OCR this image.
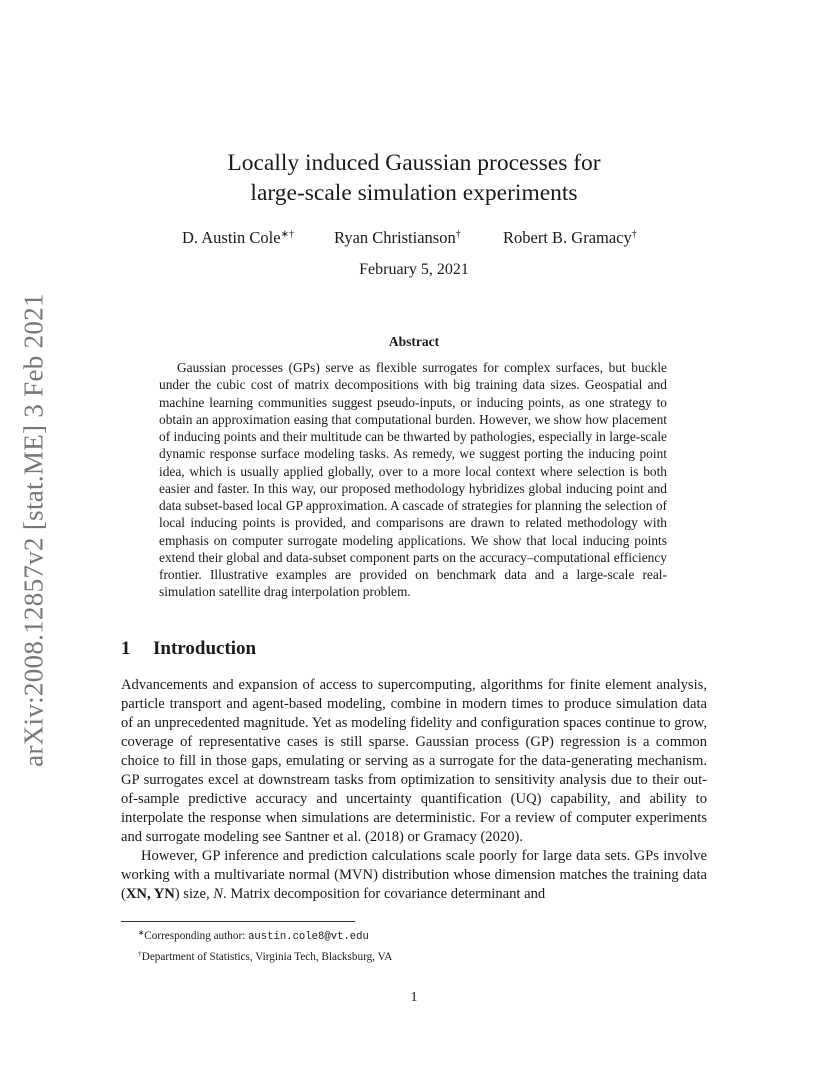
arXiv:2008.12857v2 [stat.ME] 3 Feb 2021
Locally induced Gaussian processes for
large-scale simulation experiments
D. Austin Cole∗† Ryan Christianson†	Robert B. Gramacy†
February 5, 2021
Abstract
Gaussian processes (GPs) serve as flexible surrogates for complex surfaces, but buckle under the cubic cost of matrix decompositions with big training data sizes. Geospatial and machine learning communities suggest pseudo-inputs, or inducing points, as one strategy to obtain an approximation easing that computational burden. However, we show how placement of inducing points and their multitude can be thwarted by pathologies, especially in large-scale dynamic response surface modeling tasks. As remedy, we suggest porting the inducing point idea, which is usually applied globally, over to a more local context where selection is both easier and faster. In this way, our proposed methodology hybridizes global inducing point and data subset-based local GP approximation. A cascade of strategies for planning the selection of local inducing points is provided, and comparisons are drawn to related methodology with emphasis on computer surrogate modeling applications. We show that local inducing points extend their global and data-subset component parts on the accuracy–computational efficiency frontier. Illustrative examples are provided on benchmark data and a large-scale real-simulation satellite drag interpolation problem.
1 Introduction

Advancements and expansion of access to supercomputing, algorithms for finite element analysis, particle transport and agent-based modeling, combine in modern times to produce simulation data of an unprecedented magnitude. Yet as modeling fidelity and configuration spaces continue to grow, coverage of representative cases is still sparse. Gaussian process (GP) regression is a common choice to fill in those gaps, emulating or serving as a surrogate for the data-generating mechanism. GP surrogates excel at downstream tasks from optimization to sensitivity analysis due to their out-of-sample predictive accuracy and uncertainty quantification (UQ) capability, and ability to interpolate the response when simulations are deterministic. For a review of computer experiments and surrogate modeling see Santner et al. (2018) or Gramacy (2020).

However, GP inference and prediction calculations scale poorly for large data sets. GPs involve working with a multivariate normal (MVN) distribution whose dimension matches the training data (XN, YN) size, N. Matrix decomposition for covariance determinant and

∗Corresponding author: austin.cole8@vt.edu
†Department of Statistics, Virginia Tech, Blacksburg, VA
1
